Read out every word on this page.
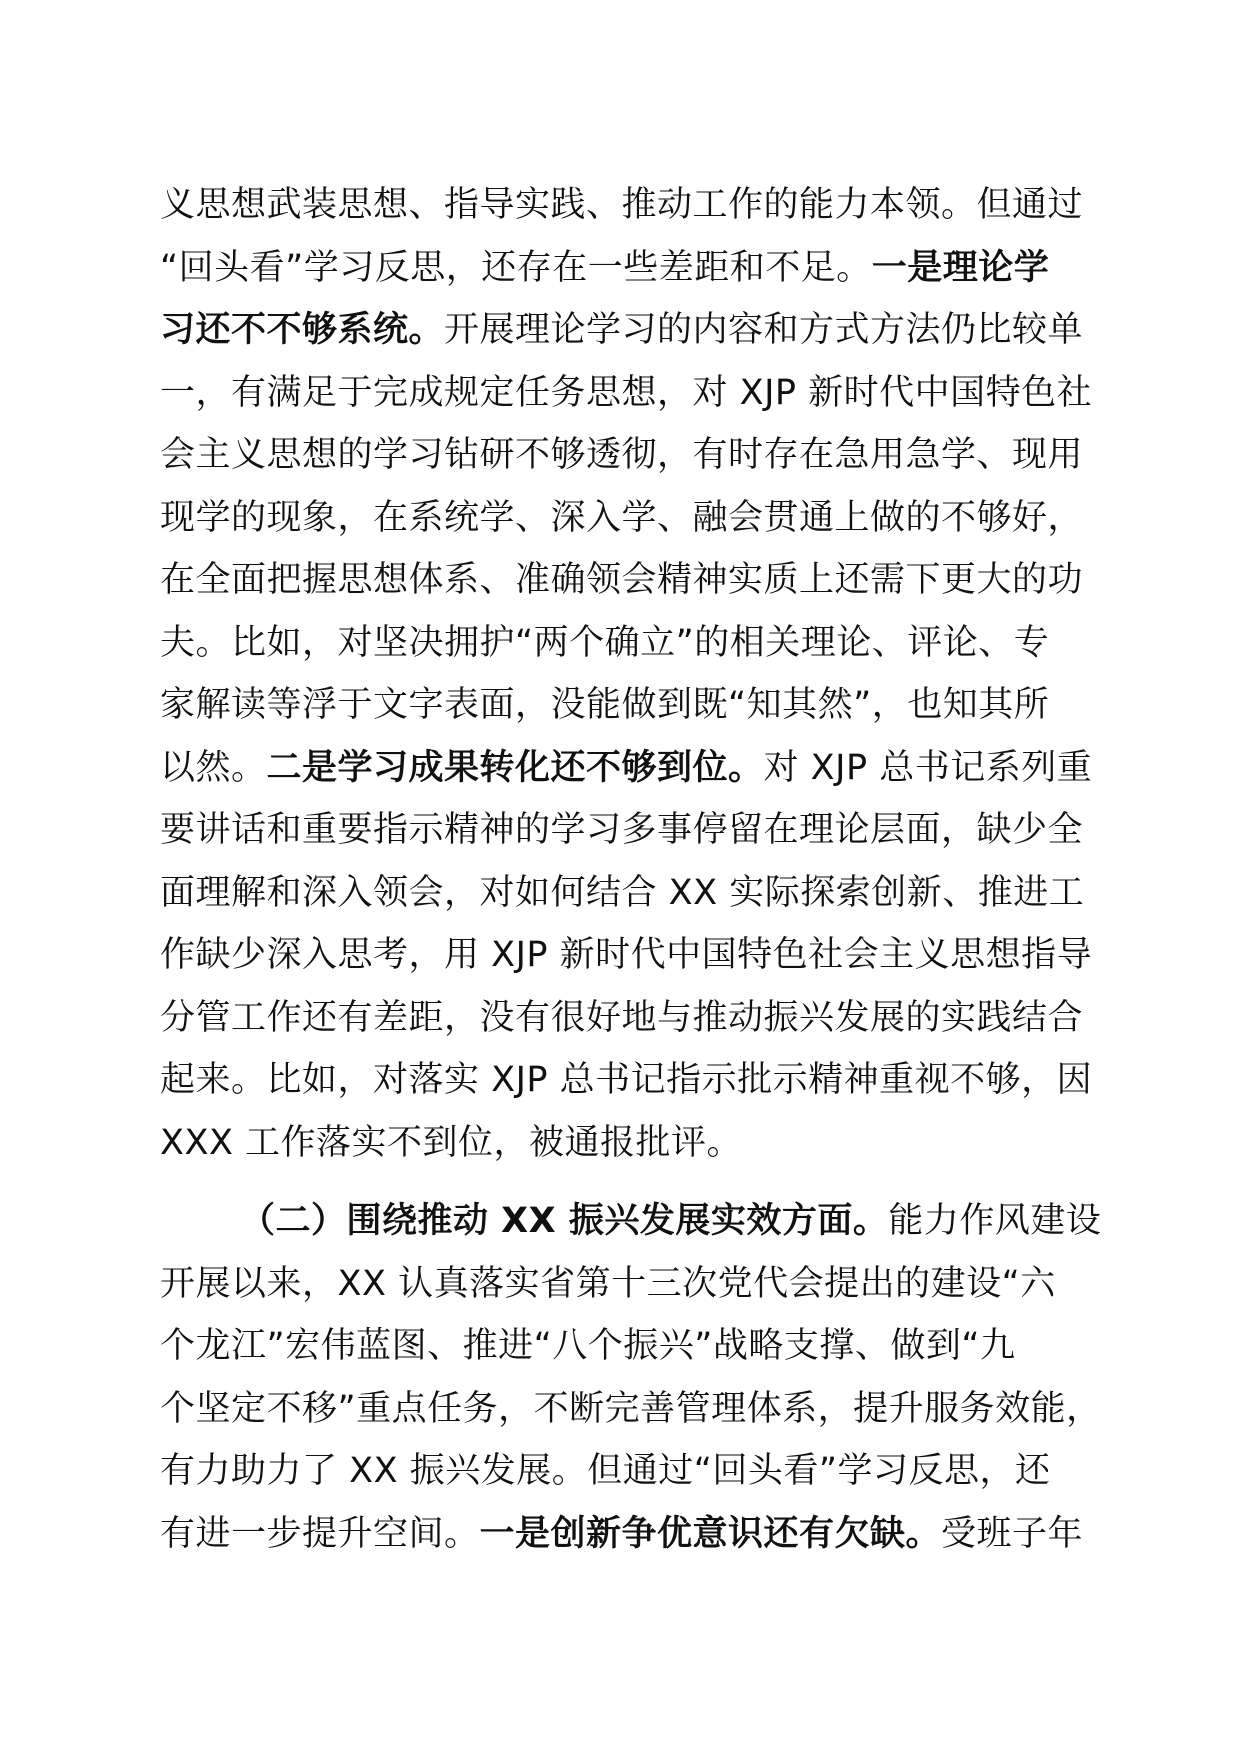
义思想武装思想、指导实践、推动工作的能力本领。但通过
“回头看”学习反思，还存在一些差距和不足。一是理论学
习还不不够系统。开展理论学习的内容和方式方法仍比较单
一，有满足于完成规定任务思想，对 XJP 新时代中国特色社
会主义思想的学习钻研不够透彻，有时存在急用急学、现用
现学的现象，在系统学、深入学、融会贯通上做的不够好，
在全面把握思想体系、准确领会精神实质上还需下更大的功
夫。比如，对坚决拥护“两个确立”的相关理论、评论、专
家解读等浮于文字表面，没能做到既“知其然”，也知其所
以然。二是学习成果转化还不够到位。对 XJP 总书记系列重
要讲话和重要指示精神的学习多事停留在理论层面，缺少全
面理解和深入领会，对如何结合 XX 实际探索创新、推进工
作缺少深入思考，用 XJP 新时代中国特色社会主义思想指导
分管工作还有差距，没有很好地与推动振兴发展的实践结合
起来。比如，对落实 XJP 总书记指示批示精神重视不够，因
XXX 工作落实不到位，被通报批评。
（二）围绕推动 XX 振兴发展实效方面。能力作风建设
开展以来，XX 认真落实省第十三次党代会提出的建设“六
个龙江”宏伟蓝图、推进“八个振兴”战略支撑、做到“九
个坚定不移”重点任务，不断完善管理体系，提升服务效能，
有力助力了 XX 振兴发展。但通过“回头看”学习反思，还
有进一步提升空间。一是创新争优意识还有欠缺。受班子年
